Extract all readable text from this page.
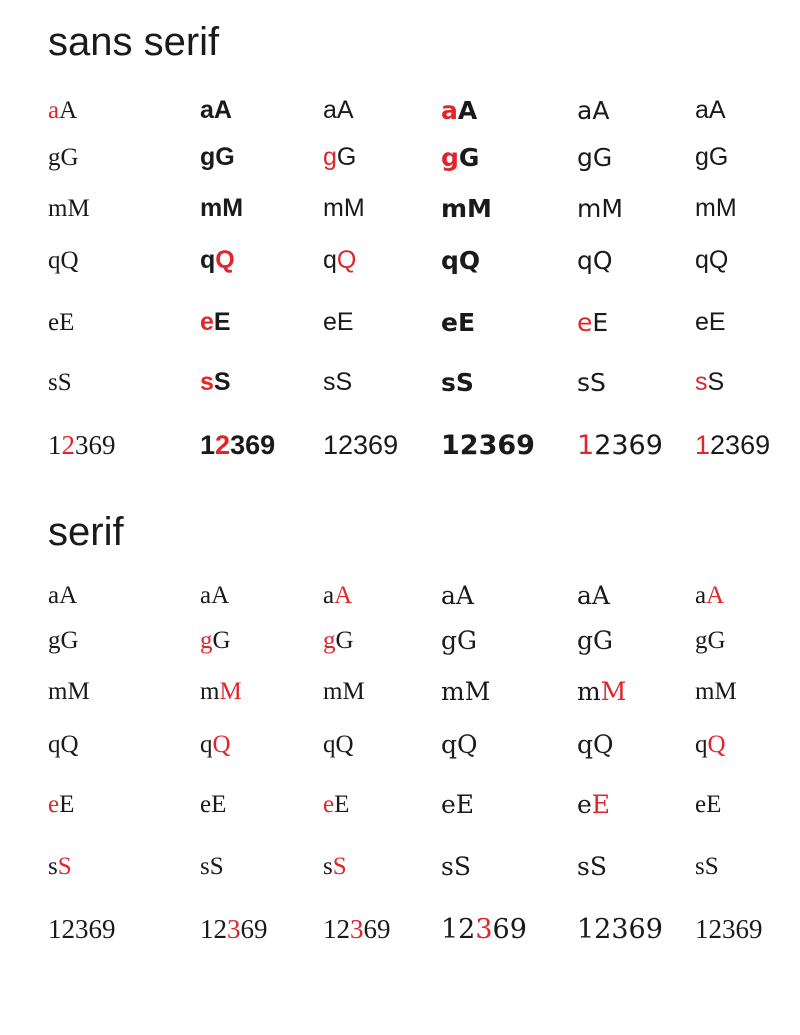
sans serif
serif
aA	aA	aA	aA	aA	aA
gG	gG	gG	gG	gG	gG
mM	mM	mM	mM	mM	mM
qQ	qQ	qQ	qQ	qQ	qQ
eE	eE	eE	eE	eE	eE
sS	sS	sS	sS	sS	sS
12369	12369 12369 12369 12369 12369
aA	aA	aA	aA	aA	aA
gG	gG	gG	gG	gG	gG
mM	mM	mM	mM	mM	mM
qQ	qQ	qQ	qQ	qQ	qQ
eE	eE	eE	eE	eE	eE
sS	sS	sS	sS	sS	sS
12369	12369 12369 12369 12369 12369
